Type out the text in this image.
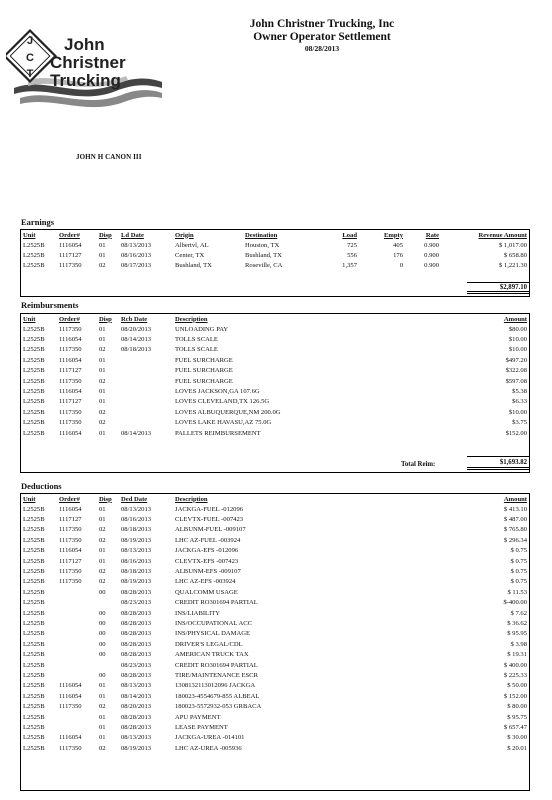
J
C
T
John
Christner
Trucking
John Christner Trucking, Inc
Owner Operator Settlement
08/28/2013
JOHN H CANON III
Earnings
Unit	Order#	Disp	Ld Date	Origin	Destination	Load	Empty	Rate	Revenue Amount
L2525B	1116054	01	08/13/2013	Albertvl, AL	Houston, TX	725	405	0.900	$ 1,017.00
L2525B	1117127	01	08/16/2013	Center, TX	Bushland, TX	556	176	0.900	$ 658.80
L2525B	1117350	02	08/17/2013	Bushland, TX	Roseville, CA	1,357	0	0.900	$ 1,221.30
$2,897.10
Reimbursments
Unit	Order#	Disp	Rcb Date	Description	Amount
L2525B	1117350	01	08/20/2013	UNLOADING PAY	$80.00
L2525B	1116054	01	08/14/2013	TOLLS SCALE	$10.00
L2525B	1117350	02	08/18/2013	TOLLS SCALE	$10.00
L2525B	1116054	01		FUEL SURCHARGE	$497.20
L2525B	1117127	01		FUEL SURCHARGE	$322.08
L2525B	1117350	02		FUEL SURCHARGE	$597.08
L2525B	1116054	01		LOVES JACKSON,GA 107.6G	$5.38
L2525B	1117127	01		LOVES CLEVELAND,TX 126.5G	$6.33
L2525B	1117350	02		LOVES ALBUQUERQUE,NM 200.0G	$10.00
L2525B	1117350	02		LOVES LAKE HAVASU,AZ 75.0G	$3.75
L2525B	1116054	01	08/14/2013	PALLETS REIMBURSEMENT	$152.00
Total Reim:	$1,693.82
Deductions
Unit	Order#	Disp	Ded Date	Description	Amount
L2525B	1116054	01	08/13/2013	JACKGA-FUEL -012096	$ 413.10
L2525B	1117127	01	08/16/2013	CLEVTX-FUEL -007423	$ 487.00
L2525B	1117350	02	08/18/2013	ALBUNM-FUEL -009107	$ 765.80
L2525B	1117350	02	08/19/2013	LHC AZ-FUEL -003924	$ 296.34
L2525B	1116054	01	08/13/2013	JACKGA-EFS -012096	$ 0.75
L2525B	1117127	01	08/16/2013	CLEVTX-EFS -007423	$ 0.75
L2525B	1117350	02	08/18/2013	ALBUNM-EFS -009107	$ 0.75
L2525B	1117350	02	08/19/2013	LHC AZ-EFS -003924	$ 0.75
L2525B		00	08/28/2013	QUALCOMM USAGE	$ 11.53
L2525B			08/23/2013	CREDIT RO301694 PARTIAL	$-400.00
L2525B		00	08/28/2013	INS/LIABILITY	$ 7.62
L2525B		00	08/28/2013	INS/OCCUPATIONAL ACC	$ 36.62
L2525B		00	08/28/2013	INS/PHYSICAL DAMAGE	$ 95.95
L2525B		00	08/28/2013	DRIVER'S LEGAL/CDL	$ 3.98
L2525B		00	08/28/2013	AMERICAN TRUCK TAX	$ 19.31
L2525B			08/23/2013	CREDIT RO301694 PARTIAL	$ 400.00
L2525B		00	08/28/2013	TIRE/MAINTENANCE ESCR	$ 225.33
L2525B	1116054	01	08/13/2013	1308132113012096 JACKGA	$ 50.00
L2525B	1116054	01	08/14/2013	180023-4554679-855 ALBEAL	$ 152.00
L2525B	1117350	02	08/20/2013	180023-5572932-053 GRBACA	$ 80.00
L2525B		01	08/28/2013	APU PAYMENT	$ 95.75
L2525B		01	08/28/2013	LEASE PAYMENT	$ 657.47
L2525B	1116054	01	08/13/2013	JACKGA-UREA -014101	$ 30.00
L2525B	1117350	02	08/19/2013	LHC AZ-UREA -005936	$ 20.01
